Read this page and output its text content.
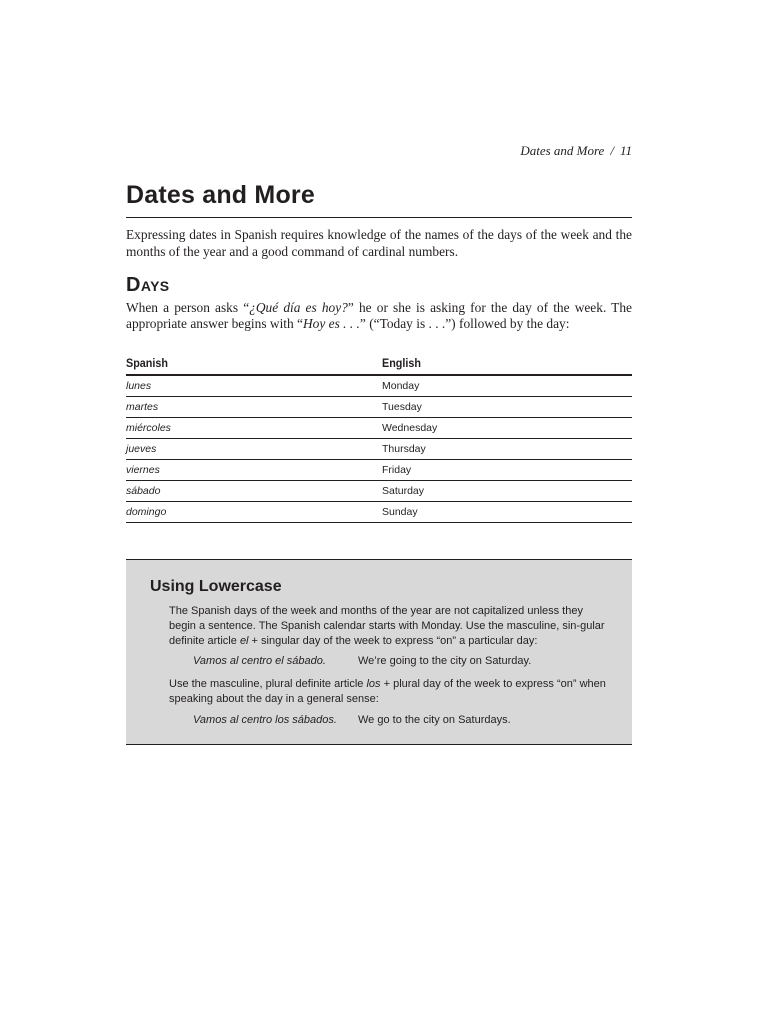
Dates and More / 11
Dates and More

Expressing dates in Spanish requires knowledge of the names of the days of the week and the months of the year and a good command of cardinal numbers.

Days

When a person asks “¿Qué día es hoy?” he or she is asking for the day of the week. The appropriate answer begins with “Hoy es . . .” (“Today is . . .”) followed by the day:

Spanish	English
lunes	Monday
martes	Tuesday
miércoles	Wednesday
jueves	Thursday
viernes	Friday
sábado	Saturday
domingo	Sunday
Using Lowercase

The Spanish days of the week and months of the year are not capitalized unless they begin a sentence. The Spanish calendar starts with Monday. Use the masculine, sin-gular definite article el + singular day of the week to express “on” a particular day:

Vamos al centro el sábado.	We’re going to the city on Saturday.

Use the masculine, plural definite article los + plural day of the week to express “on” when speaking about the day in a general sense:

Vamos al centro los sábados. We go to the city on Saturdays.
